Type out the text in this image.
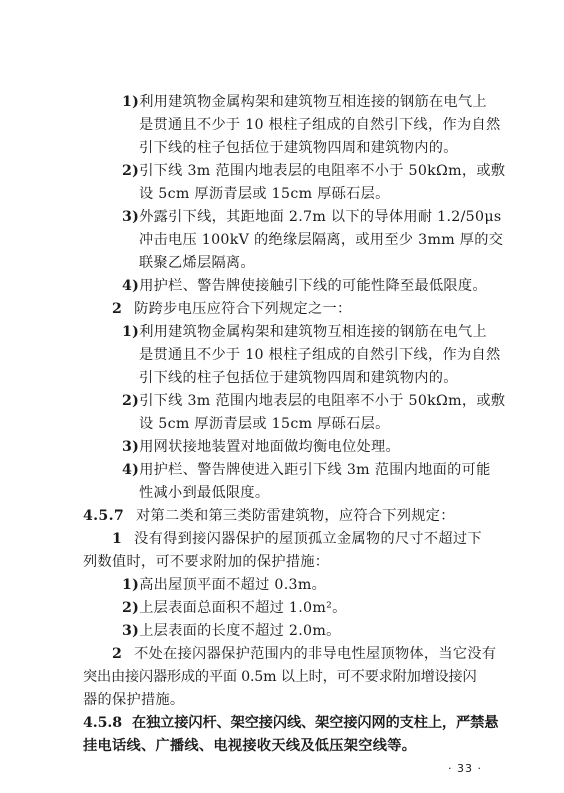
1)利用建筑物金属构架和建筑物互相连接的钢筋在电气上
是贯通且不少于 10 根柱子组成的自然引下线，作为自然
引下线的柱子包括位于建筑物四周和建筑物内的。
2)引下线 3m 范围内地表层的电阻率不小于 50kΩm，或敷
设 5cm 厚沥青层或 15cm 厚砾石层。
3)外露引下线，其距地面 2.7m 以下的导体用耐 1.2/50μs
冲击电压 100kV 的绝缘层隔离，或用至少 3mm 厚的交
联聚乙烯层隔离。
4)用护栏、警告牌使接触引下线的可能性降至最低限度。
2 防跨步电压应符合下列规定之一：
1)利用建筑物金属构架和建筑物互相连接的钢筋在电气上
是贯通且不少于 10 根柱子组成的自然引下线，作为自然
引下线的柱子包括位于建筑物四周和建筑物内的。
2)引下线 3m 范围内地表层的电阻率不小于 50kΩm，或敷
设 5cm 厚沥青层或 15cm 厚砾石层。
3)用网状接地装置对地面做均衡电位处理。
4)用护栏、警告牌使进入距引下线 3m 范围内地面的可能
性减小到最低限度。
4.5.7 对第二类和第三类防雷建筑物，应符合下列规定：
1 没有得到接闪器保护的屋顶孤立金属物的尺寸不超过下
列数值时，可不要求附加的保护措施：
1)高出屋顶平面不超过 0.3m。
2)上层表面总面积不超过 1.0m²。
3)上层表面的长度不超过 2.0m。
2 不处在接闪器保护范围内的非导电性屋顶物体，当它没有
突出由接闪器形成的平面 0.5m 以上时，可不要求附加增设接闪
器的保护措施。
4.5.8 在独立接闪杆、架空接闪线、架空接闪网的支柱上，严禁悬
挂电话线、广播线、电视接收天线及低压架空线等。
· 33 ·
